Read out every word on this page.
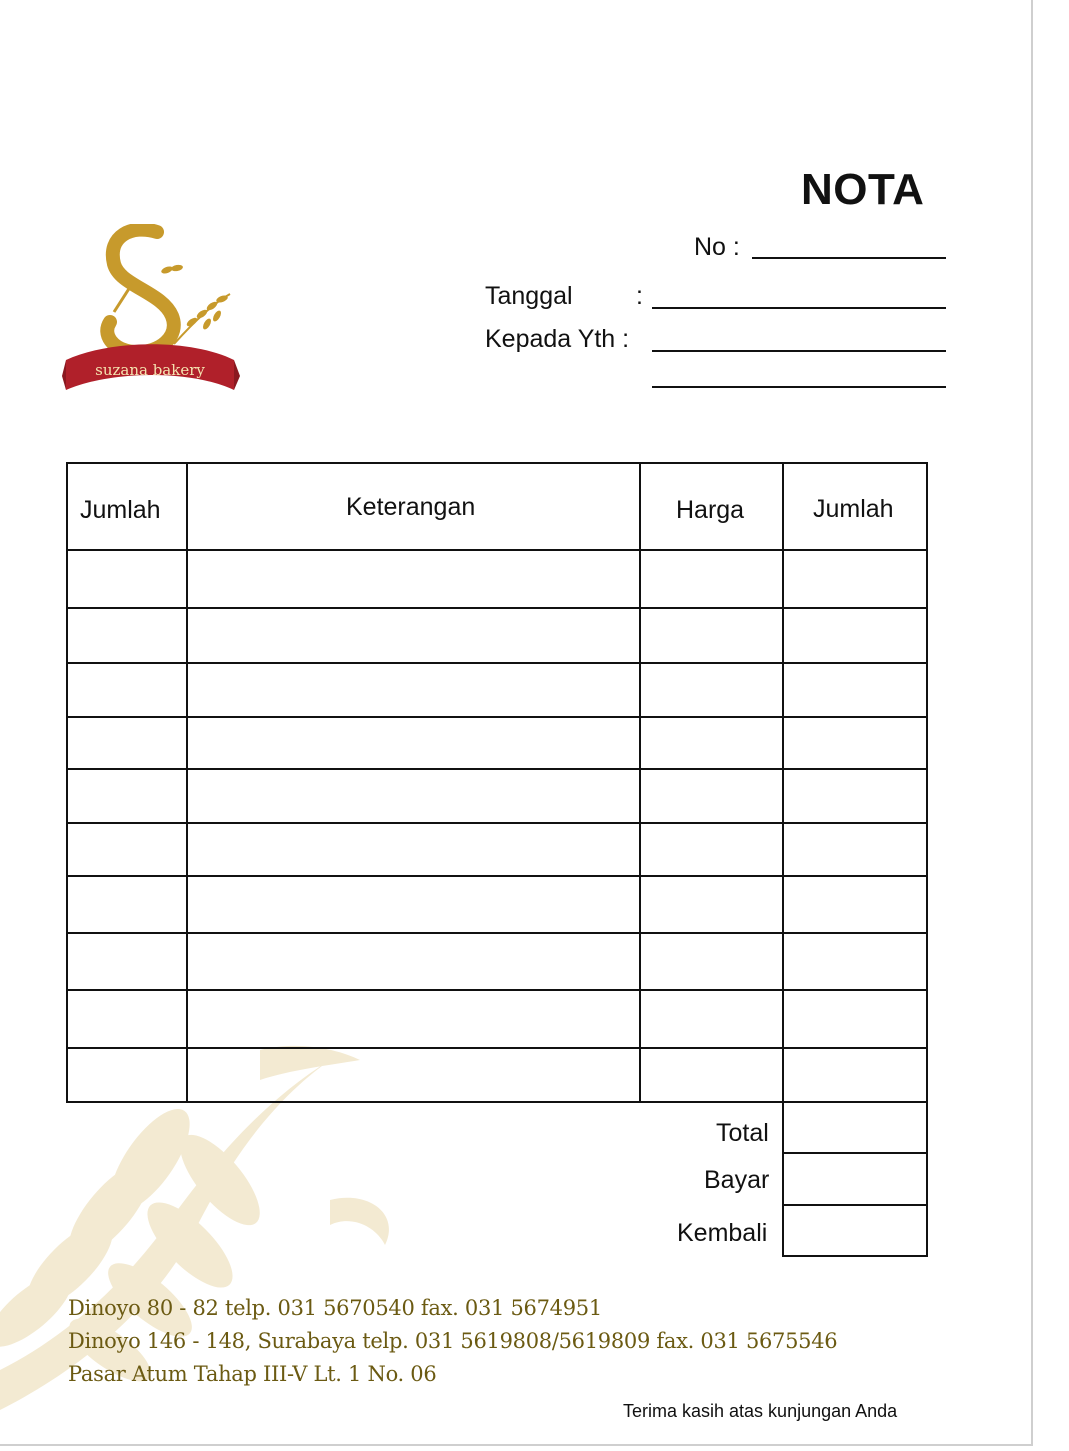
suzana bakery
NOTA
No :
Tanggal	:
Kepada Yth :
Jumlah	Keterangan	Harga	Jumlah
Total
Bayar
Kembali
Dinoyo 80 - 82 telp. 031 5670540 fax. 031 5674951
Dinoyo 146 - 148, Surabaya telp. 031 5619808/5619809 fax. 031 5675546
Pasar Atum Tahap III-V Lt. 1 No. 06
Terima kasih atas kunjungan Anda
